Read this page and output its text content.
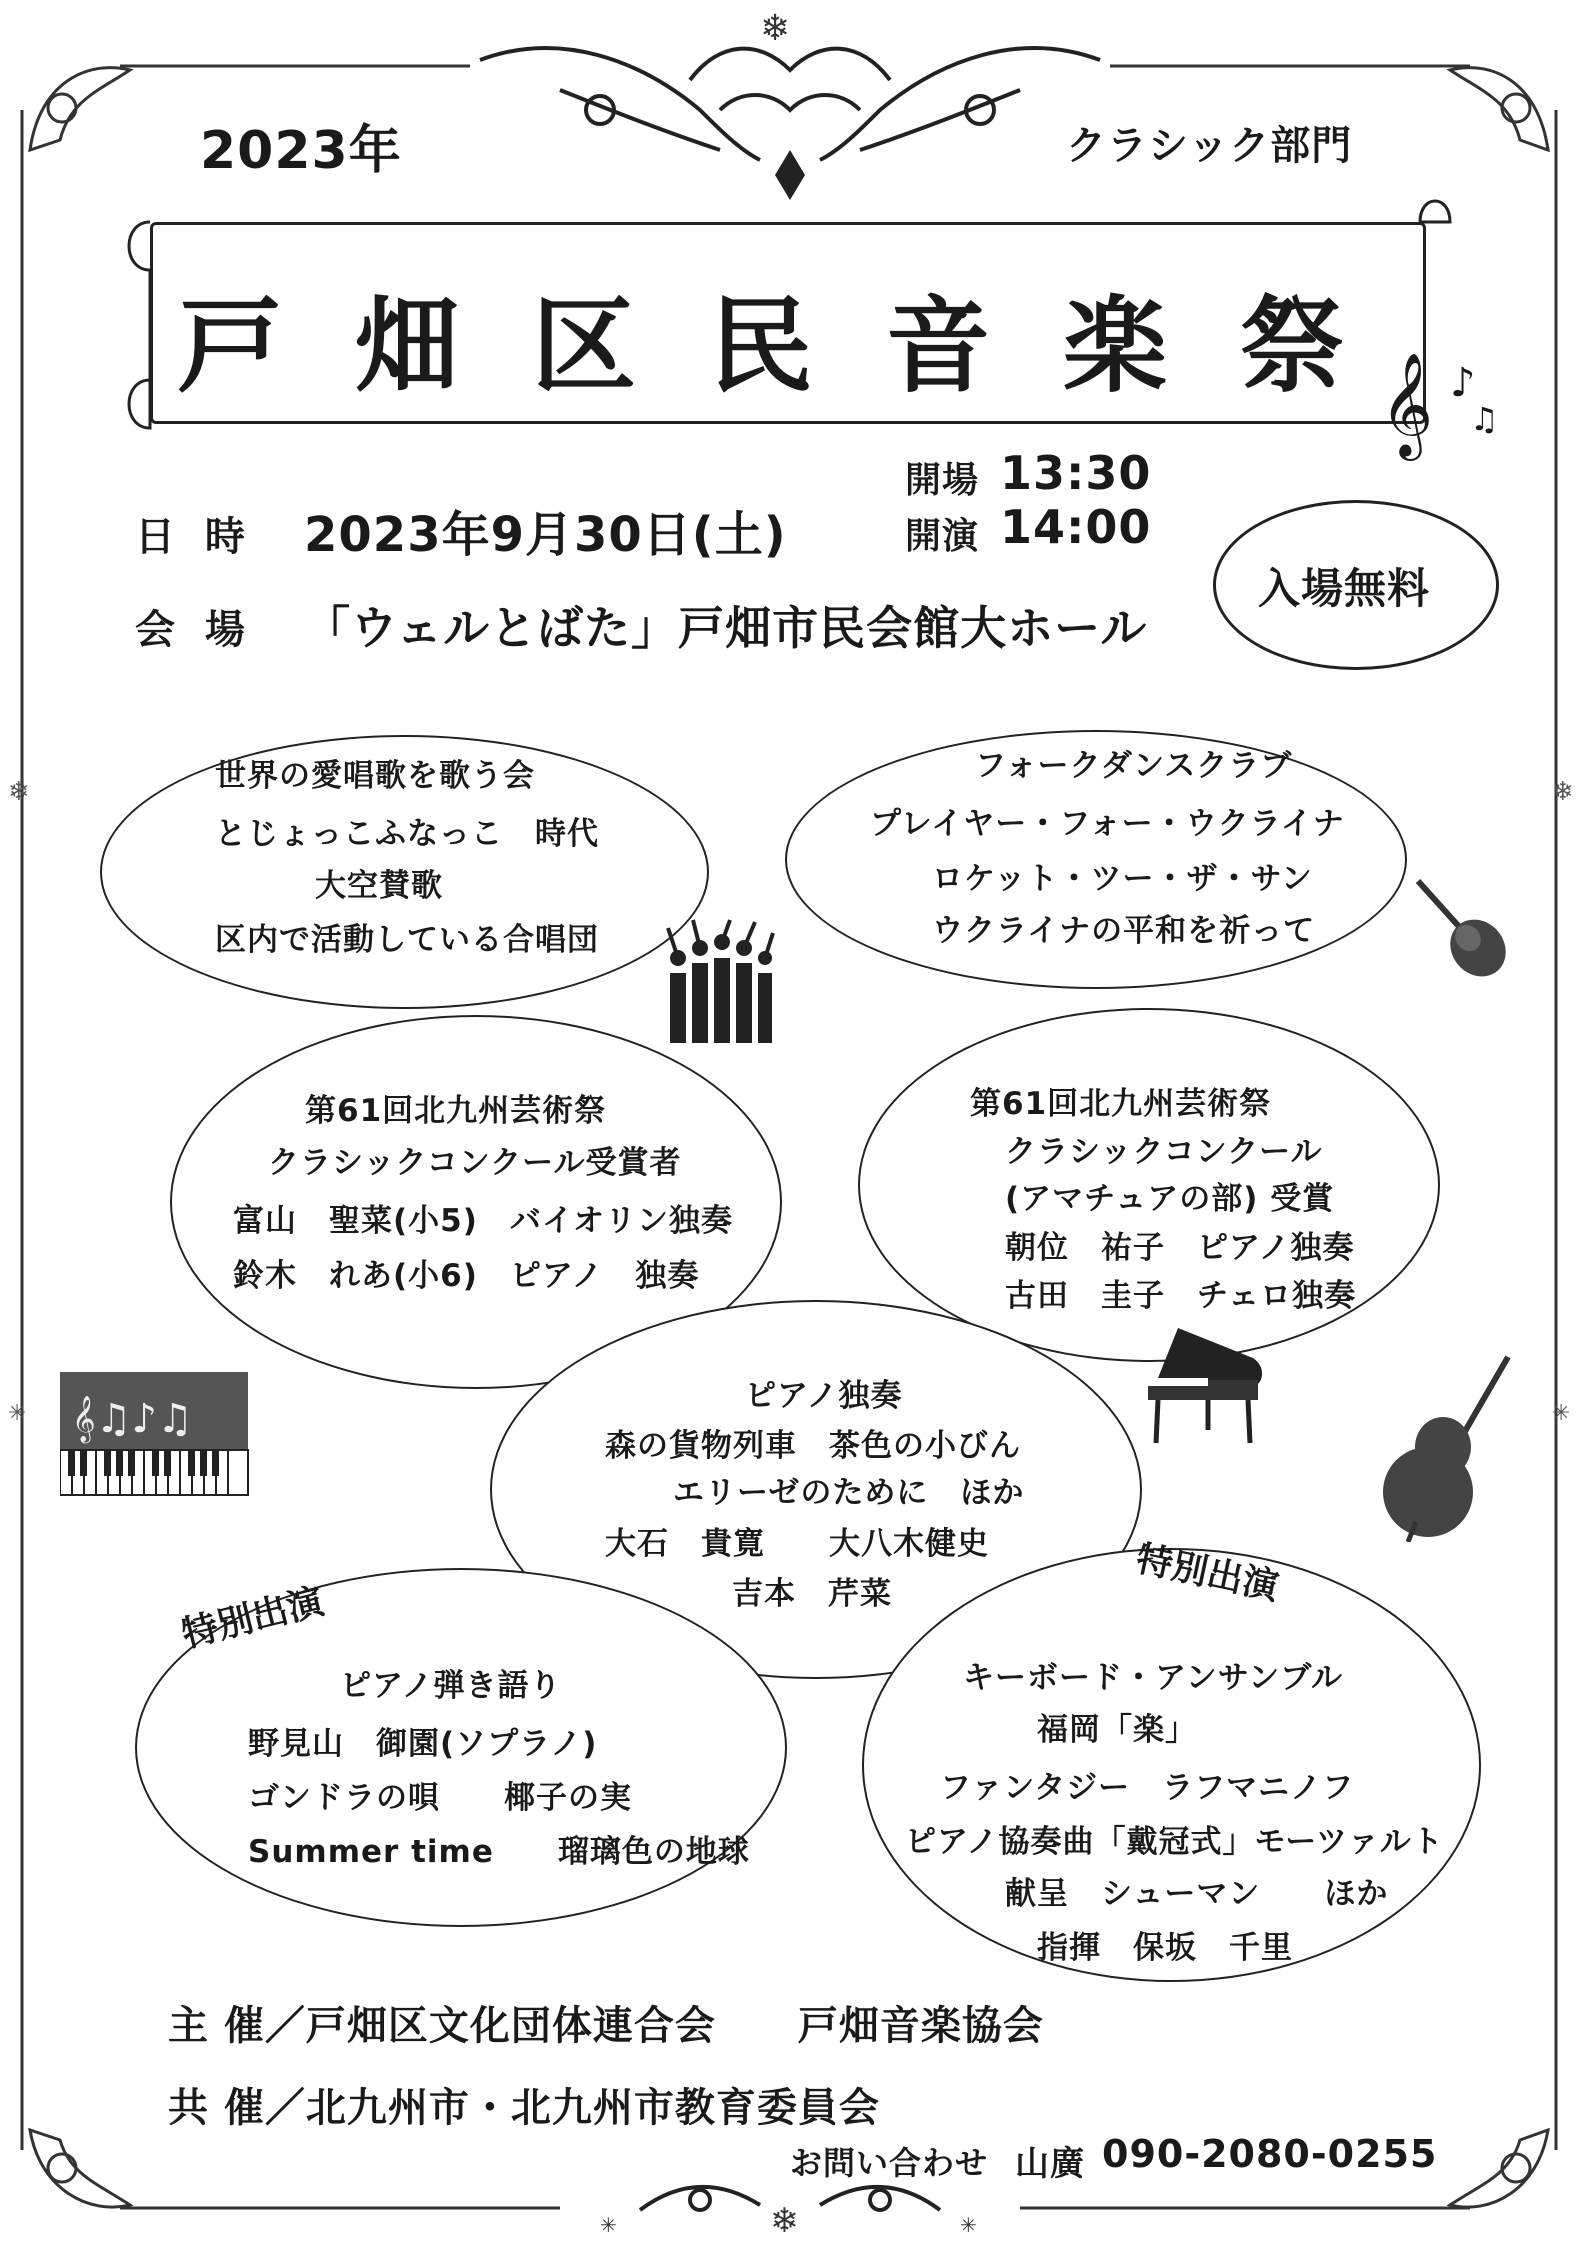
❄
❄
✳	✳
❄	❄
✳	✳
2023年	クラシック部門
戸 畑 区 民 音 楽 祭 𝄞 ♪
♫
日 時 2023年9月30日(土)
開場 13:30
開演 14:00
会 場 「ウェルとばた」戸畑市民会館大ホール
入場無料
世界の愛唱歌を歌う会
とじょっこふなっこ　時代
大空賛歌
区内で活動している合唱団
フォークダンスクラブ
プレイヤー・フォー・ウクライナ
ロケット・ツー・ザ・サン
ウクライナの平和を祈って
第61回北九州芸術祭
クラシックコンクール受賞者
富山　聖菜(小5)　バイオリン独奏
鈴木　れあ(小6)　ピアノ　独奏
第61回北九州芸術祭
クラシックコンクール
(アマチュアの部) 受賞
朝位　祐子　ピアノ独奏
古田　圭子　チェロ独奏
𝄞♫♪♫	ピアノ独奏
森の貨物列車　茶色の小びん
エリーゼのために　ほか
大石　貴寛　　大八木健史
吉本　芹菜
特別出演
ピアノ弾き語り
野見山　御園(ソプラノ)
ゴンドラの唄　　椰子の実
Summer time　　瑠璃色の地球
特別出演
キーボード・アンサンブル
福岡「楽」
ファンタジー　ラフマニノフ
ピアノ協奏曲「戴冠式」モーツァルト
献呈　シューマン　　ほか
指揮　保坂　千里
主 催／戸畑区文化団体連合会　　戸畑音楽協会
共 催／北九州市・北九州市教育委員会
お問い合わせ 山廣 090-2080-0255
